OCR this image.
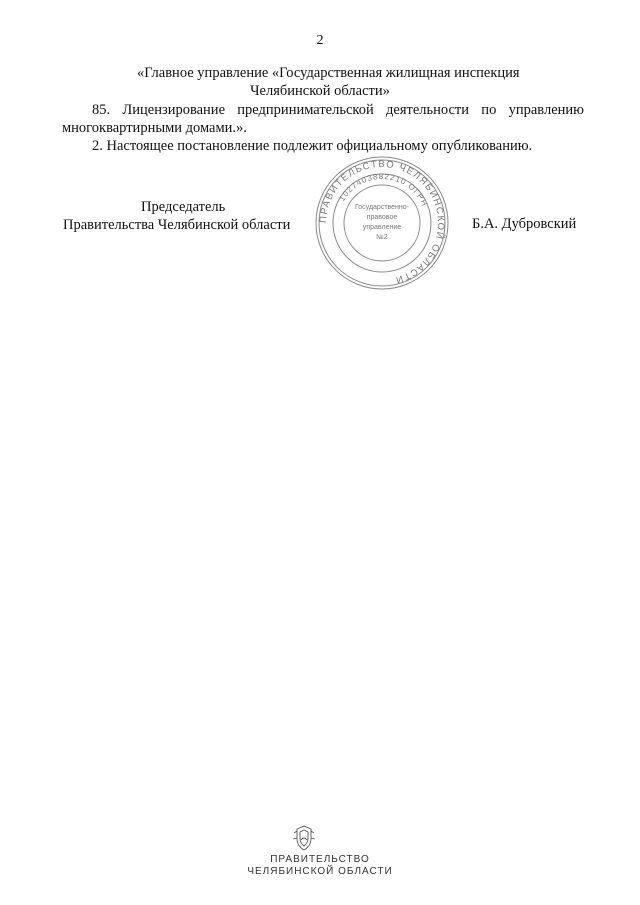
2
«Главное управление «Государственная жилищная инспекция
Челябинской области»
85. Лицензирование предпринимательской деятельности по управлению
многоквартирными домами.».
2. Настоящее постановление подлежит официальному опубликованию.
Председатель
Правительства Челябинской области	Б.А. Дубровский
ПРАВИТЕЛЬСТВО ЧЕЛЯБИНСКОЙ ОБЛАСТИ
1027403882210 ОГРН
Государственно-
правовое
управление
№2
ПРАВИТЕЛЬСТВО
ЧЕЛЯБИНСКОЙ ОБЛАСТИ
